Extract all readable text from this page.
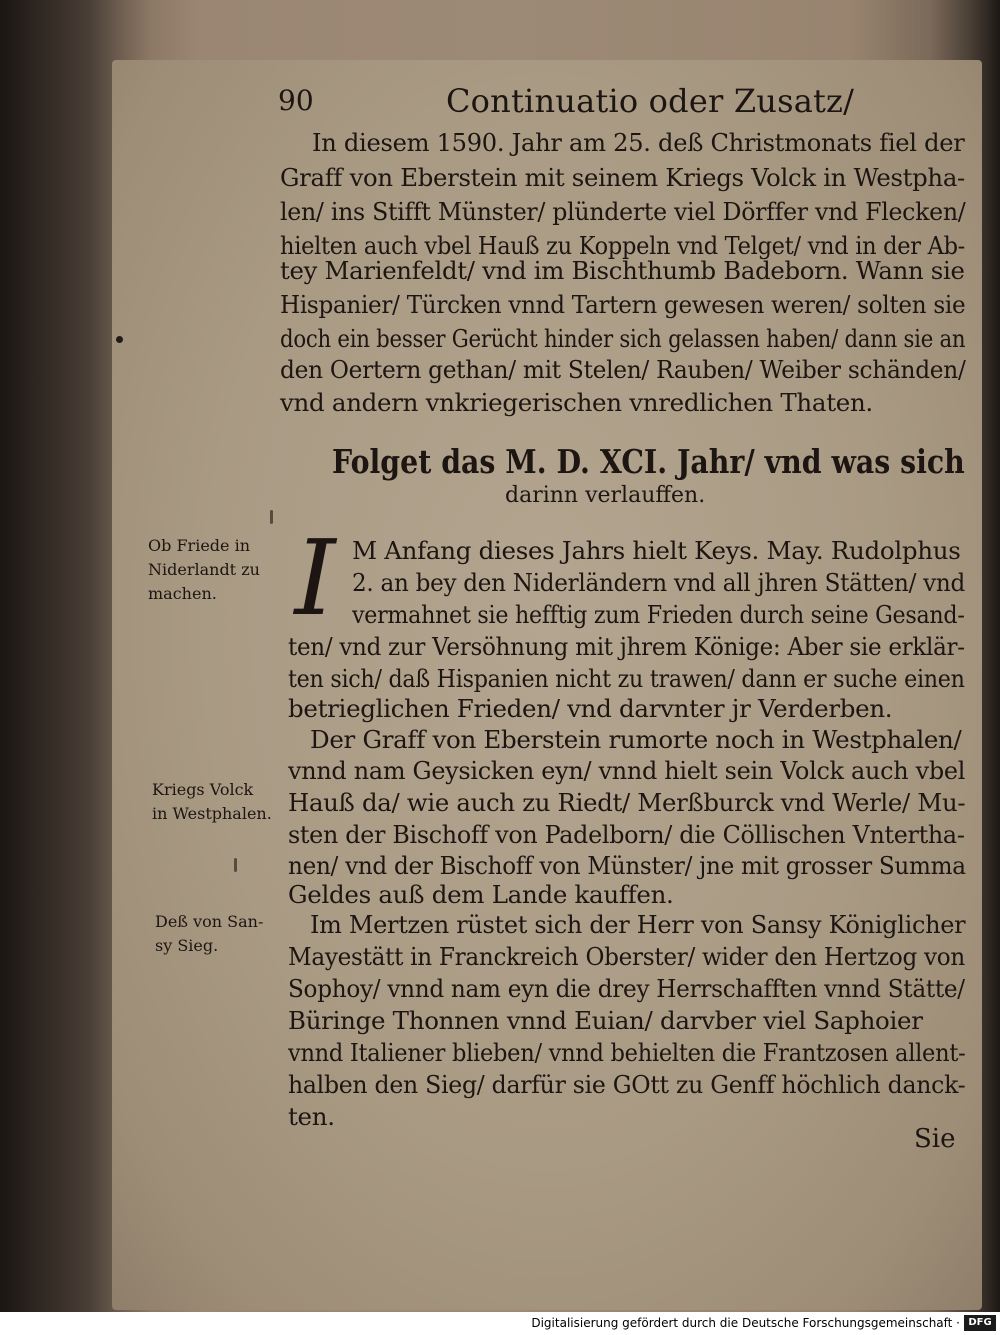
90	Continuatio oder Zusatz/
In diesem 1590. Jahr am 25. deß Christmonats fiel der
Graff von Eberstein mit seinem Kriegs Volck in Westpha-
len/ ins Stifft Münster/ plünderte viel Dörffer vnd Flecken/
hielten auch vbel Hauß zu Koppeln vnd Telget/ vnd in der Ab-
tey Marienfeldt/ vnd im Bischthumb Badeborn. Wann sie
Hispanier/ Türcken vnnd Tartern gewesen weren/ solten sie
doch ein besser Gerücht hinder sich gelassen haben/ dann sie an
den Oertern gethan/ mit Stelen/ Rauben/ Weiber schänden/
vnd andern vnkriegerischen vnredlichen Thaten.
Folget das M. D. XCI. Jahr/ vnd was sich
darinn verlauffen.
Ob Friede in
Niderlandt zu
machen.
Kriegs Volck
in Westphalen.
Deß von San-
sy Sieg.
I M Anfang dieses Jahrs hielt Keys. May. Rudolphus
2. an bey den Niderländern vnd all jhren Stätten/ vnd
vermahnet sie hefftig zum Frieden durch seine Gesand-
ten/ vnd zur Versöhnung mit jhrem Könige: Aber sie erklär-
ten sich/ daß Hispanien nicht zu trawen/ dann er suche einen
betrieglichen Frieden/ vnd darvnter jr Verderben.
Der Graff von Eberstein rumorte noch in Westphalen/
vnnd nam Geysicken eyn/ vnnd hielt sein Volck auch vbel
Hauß da/ wie auch zu Riedt/ Merßburck vnd Werle/ Mu-
sten der Bischoff von Padelborn/ die Cöllischen Vntertha-
nen/ vnd der Bischoff von Münster/ jne mit grosser Summa
Geldes auß dem Lande kauffen.
Im Mertzen rüstet sich der Herr von Sansy Königlicher
Mayestätt in Franckreich Oberster/ wider den Hertzog von
Sophoy/ vnnd nam eyn die drey Herrschafften vnnd Stätte/
Büringe Thonnen vnnd Euian/ darvber viel Saphoier
vnnd Italiener blieben/ vnnd behielten die Frantzosen allent-
halben den Sieg/ darfür sie GOtt zu Genff höchlich danck-
ten.
Sie
Digitalisierung gefördert durch die Deutsche Forschungsgemeinschaft · DFG
